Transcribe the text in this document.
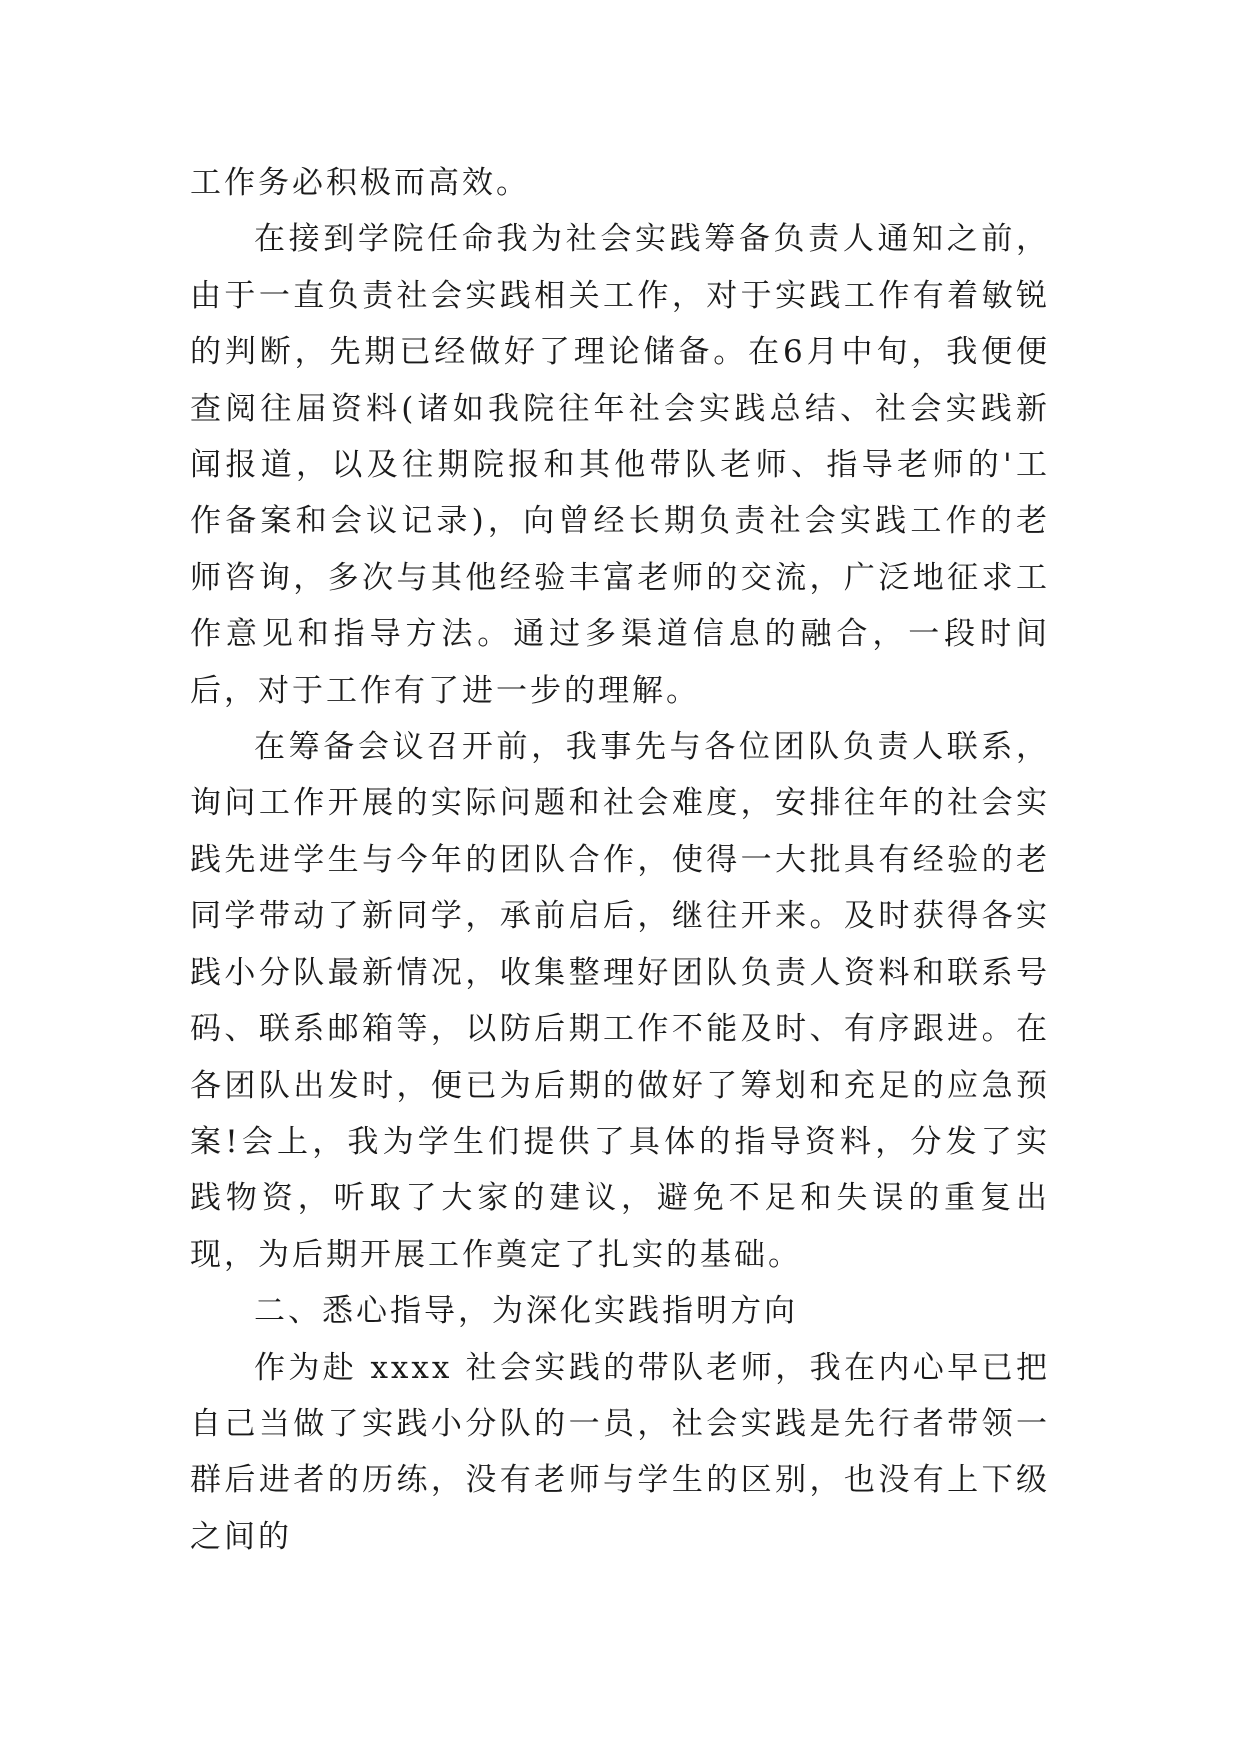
工作务必积极而高效。

在接到学院任命我为社会实践筹备负责人通知之前，由于一直负责社会实践相关工作，对于实践工作有着敏锐的判断，先期已经做好了理论储备。在6月中旬，我便便查阅往届资料(诸如我院往年社会实践总结、社会实践新闻报道，以及往期院报和其他带队老师、指导老师的'工作备案和会议记录)，向曾经长期负责社会实践工作的老师咨询，多次与其他经验丰富老师的交流，广泛地征求工作意见和指导方法。通过多渠道信息的融合，一段时间后，对于工作有了进一步的理解。

在筹备会议召开前，我事先与各位团队负责人联系，询问工作开展的实际问题和社会难度，安排往年的社会实践先进学生与今年的团队合作，使得一大批具有经验的老同学带动了新同学，承前启后，继往开来。及时获得各实践小分队最新情况，收集整理好团队负责人资料和联系号码、联系邮箱等，以防后期工作不能及时、有序跟进。在各团队出发时，便已为后期的做好了筹划和充足的应急预案!会上，我为学生们提供了具体的指导资料，分发了实践物资，听取了大家的建议，避免不足和失误的重复出现，为后期开展工作奠定了扎实的基础。

二、悉心指导，为深化实践指明方向

作为赴 xxxx 社会实践的带队老师，我在内心早已把自己当做了实践小分队的一员，社会实践是先行者带领一群后进者的历练，没有老师与学生的区别，也没有上下级之间的
